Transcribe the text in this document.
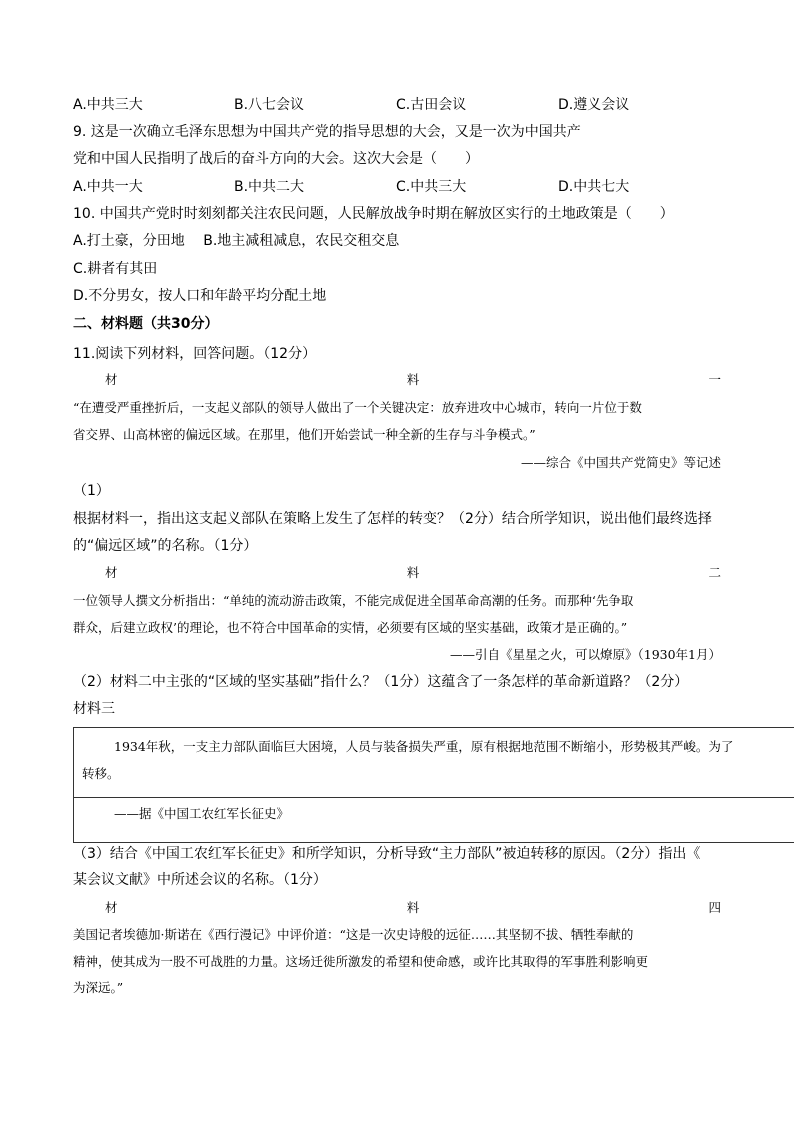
A.中共三大	B.八七会议	C.古田会议	D.遵义会议
9. 这是一次确立毛泽东思想为中国共产党的指导思想的大会，又是一次为中国共产
党和中国人民指明了战后的奋斗方向的大会。这次大会是（　　）
A.中共一大	B.中共二大	C.中共三大	D.中共七大
10. 中国共产党时时刻刻都关注农民问题，人民解放战争时期在解放区实行的土地政策是（　　）
A.打土豪，分田地　 B.地主减租减息，农民交租交息
C.耕者有其田
D.不分男女，按人口和年龄平均分配土地
二、材料题（共30分）
11.阅读下列材料，回答问题。（12分）
材	料	一
“在遭受严重挫折后，一支起义部队的领导人做出了一个关键决定：放弃进攻中心城市，转向一片位于数
省交界、山高林密的偏远区域。在那里，他们开始尝试一种全新的生存与斗争模式。”
——综合《中国共产党简史》等记述
（1）
根据材料一，指出这支起义部队在策略上发生了怎样的转变？（2分）结合所学知识，说出他们最终选择
的“偏远区域”的名称。（1分）
材	料	二
一位领导人撰文分析指出：“单纯的流动游击政策，不能完成促进全国革命高潮的任务。而那种‘先争取
群众，后建立政权’的理论，也不符合中国革命的实情，必须要有区域的坚实基础，政策才是正确的。”
——引自《星星之火，可以燎原》（1930年1月）
（2）材料二中主张的“区域的坚实基础”指什么？（1分）这蕴含了一条怎样的革命新道路？（2分）
材料三
1934年秋，一支主力部队面临巨大困境，人员与装备损失严重，原有根据地范围不断缩小，形势极其严峻。为了
转移。
——据《中国工农红军长征史》
（3）结合《中国工农红军长征史》和所学知识，分析导致“主力部队”被迫转移的原因。（2分）指出《
某会议文献》中所述会议的名称。（1分）
材	料	四
美国记者埃德加·斯诺在《西行漫记》中评价道：“这是一次史诗般的远征……其坚韧不拔、牺牲奉献的
精神，使其成为一股不可战胜的力量。这场迁徙所激发的希望和使命感，或许比其取得的军事胜利影响更
为深远。”
